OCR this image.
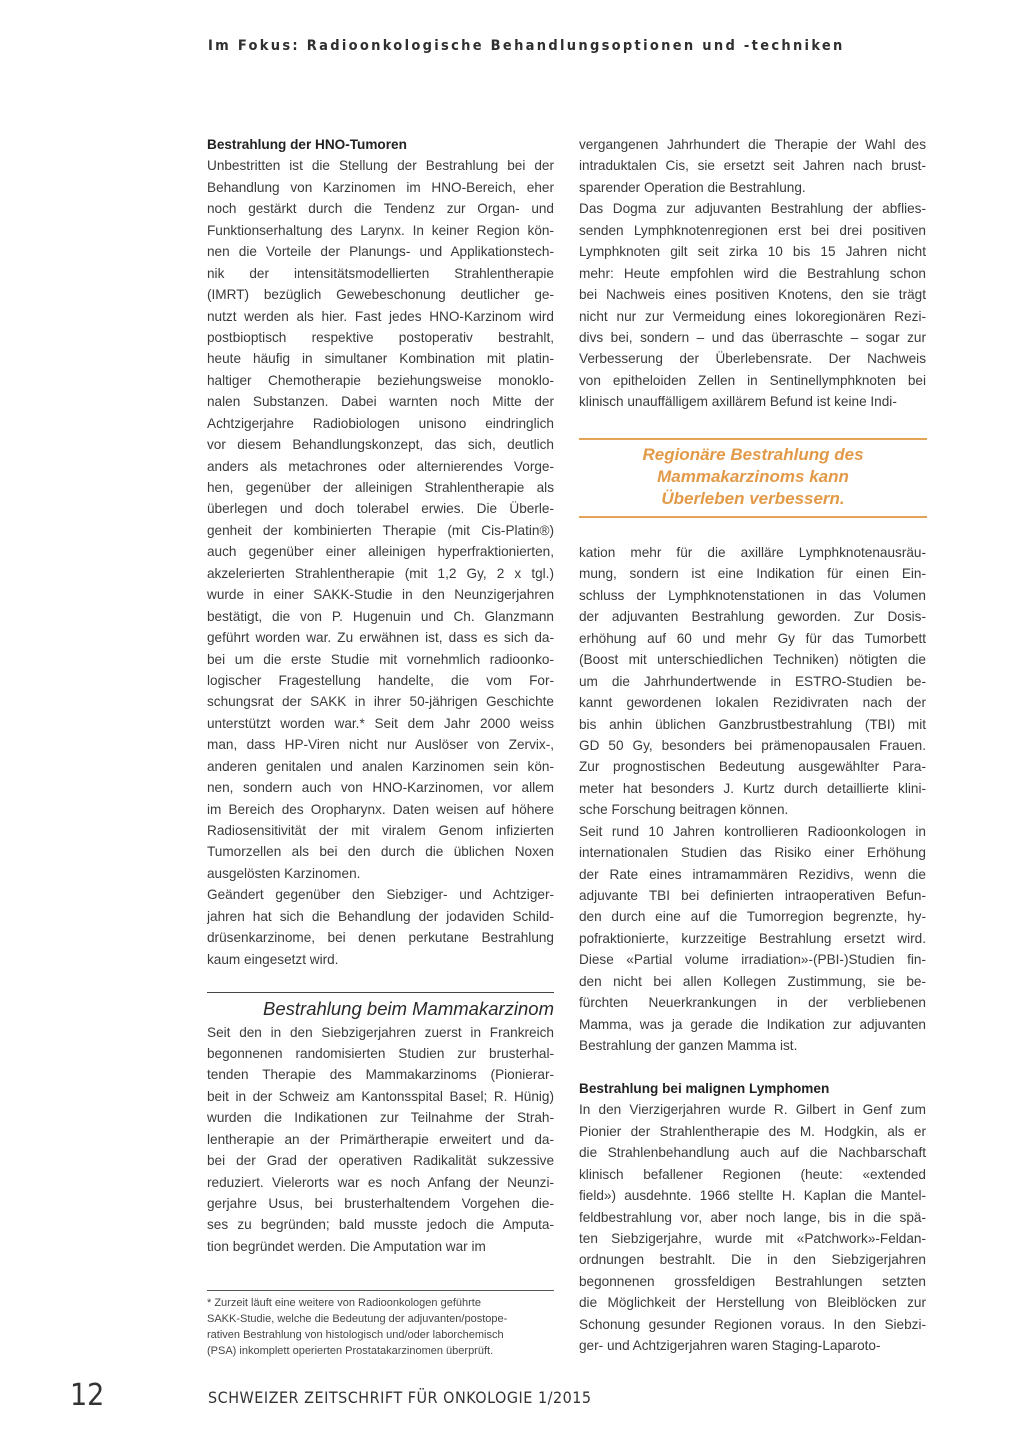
Im Fokus: Radioonkologische Behandlungsoptionen und -techniken
Bestrahlung der HNO-Tumoren
Unbestritten ist die Stellung der Bestrahlung bei der
Behandlung von Karzinomen im HNO-Bereich, eher
noch gestärkt durch die Tendenz zur Organ- und
Funktionserhaltung des Larynx. In keiner Region kön-
nen die Vorteile der Planungs- und Applikationstech-
nik der intensitätsmodellierten Strahlentherapie
(IMRT) bezüglich Gewebeschonung deutlicher ge-
nutzt werden als hier. Fast jedes HNO-Karzinom wird
postbioptisch respektive postoperativ bestrahlt,
heute häufig in simultaner Kombination mit platin-
haltiger Chemotherapie beziehungsweise monoklo-
nalen Substanzen. Dabei warnten noch Mitte der
Achtzigerjahre Radiobiologen unisono eindringlich
vor diesem Behandlungskonzept, das sich, deutlich
anders als metachrones oder alternierendes Vorge-
hen, gegenüber der alleinigen Strahlentherapie als
überlegen und doch tolerabel erwies. Die Überle-
genheit der kombinierten Therapie (mit Cis-Platin®)
auch gegenüber einer alleinigen hyperfraktionierten,
akzelerierten Strahlentherapie (mit 1,2 Gy, 2 x tgl.)
wurde in einer SAKK-Studie in den Neunzigerjahren
bestätigt, die von P. Hugenuin und Ch. Glanzmann
geführt worden war. Zu erwähnen ist, dass es sich da-
bei um die erste Studie mit vornehmlich radioonko-
logischer Fragestellung handelte, die vom For-
schungsrat der SAKK in ihrer 50-jährigen Geschichte
unterstützt worden war.* Seit dem Jahr 2000 weiss
man, dass HP-Viren nicht nur Auslöser von Zervix-,
anderen genitalen und analen Karzinomen sein kön-
nen, sondern auch von HNO-Karzinomen, vor allem
im Bereich des Oropharynx. Daten weisen auf höhere
Radiosensitivität der mit viralem Genom infizierten
Tumorzellen als bei den durch die üblichen Noxen
ausgelösten Karzinomen.
Geändert gegenüber den Siebziger- und Achtziger-
jahren hat sich die Behandlung der jodaviden Schild-
drüsenkarzinome, bei denen perkutane Bestrahlung
kaum eingesetzt wird.
Bestrahlung beim Mammakarzinom
Seit den in den Siebzigerjahren zuerst in Frankreich
begonnenen randomisierten Studien zur brusterhal-
tenden Therapie des Mammakarzinoms (Pionierar-
beit in der Schweiz am Kantonsspital Basel; R. Hünig)
wurden die Indikationen zur Teilnahme der Strah-
lentherapie an der Primärtherapie erweitert und da-
bei der Grad der operativen Radikalität sukzessive
reduziert. Vielerorts war es noch Anfang der Neunzi-
gerjahre Usus, bei brusterhaltendem Vorgehen die-
ses zu begründen; bald musste jedoch die Amputa-
tion begründet werden. Die Amputation war im
vergangenen Jahrhundert die Therapie der Wahl des
intraduktalen Cis, sie ersetzt seit Jahren nach brust-
sparender Operation die Bestrahlung.
Das Dogma zur adjuvanten Bestrahlung der abflies-
senden Lymphknotenregionen erst bei drei positiven
Lymphknoten gilt seit zirka 10 bis 15 Jahren nicht
mehr: Heute empfohlen wird die Bestrahlung schon
bei Nachweis eines positiven Knotens, den sie trägt
nicht nur zur Vermeidung eines lokoregionären Rezi-
divs bei, sondern – und das überraschte – sogar zur
Verbesserung der Überlebensrate. Der Nachweis
von epitheloiden Zellen in Sentinellymphknoten bei
klinisch unauffälligem axillärem Befund ist keine Indi-
Regionäre Bestrahlung des
Mammakarzinoms kann
Überleben verbessern.
kation mehr für die axilläre Lymphknotenausräu-
mung, sondern ist eine Indikation für einen Ein-
schluss der Lymphknotenstationen in das Volumen
der adjuvanten Bestrahlung geworden. Zur Dosis-
erhöhung auf 60 und mehr Gy für das Tumorbett
(Boost mit unterschiedlichen Techniken) nötigten die
um die Jahrhundertwende in ESTRO-Studien be-
kannt gewordenen lokalen Rezidivraten nach der
bis anhin üblichen Ganzbrustbestrahlung (TBI) mit
GD 50 Gy, besonders bei prämenopausalen Frauen.
Zur prognostischen Bedeutung ausgewählter Para-
meter hat besonders J. Kurtz durch detaillierte klini-
sche Forschung beitragen können.
Seit rund 10 Jahren kontrollieren Radioonkologen in
internationalen Studien das Risiko einer Erhöhung
der Rate eines intramammären Rezidivs, wenn die
adjuvante TBI bei definierten intraoperativen Befun-
den durch eine auf die Tumorregion begrenzte, hy-
pofraktionierte, kurzzeitige Bestrahlung ersetzt wird.
Diese «Partial volume irradiation»-(PBI-)Studien fin-
den nicht bei allen Kollegen Zustimmung, sie be-
fürchten Neuerkrankungen in der verbliebenen
Mamma, was ja gerade die Indikation zur adjuvanten
Bestrahlung der ganzen Mamma ist.
Bestrahlung bei malignen Lymphomen
In den Vierzigerjahren wurde R. Gilbert in Genf zum
Pionier der Strahlentherapie des M. Hodgkin, als er
die Strahlenbehandlung auch auf die Nachbarschaft
klinisch befallener Regionen (heute: «extended
field») ausdehnte. 1966 stellte H. Kaplan die Mantel-
feldbestrahlung vor, aber noch lange, bis in die spä-
ten Siebzigerjahre, wurde mit «Patchwork»-Feldan-
ordnungen bestrahlt. Die in den Siebzigerjahren
begonnenen grossfeldigen Bestrahlungen setzten
die Möglichkeit der Herstellung von Bleiblöcken zur
Schonung gesunder Regionen voraus. In den Siebzi-
ger- und Achtzigerjahren waren Staging-Laparoto-
* Zurzeit läuft eine weitere von Radioonkologen geführte
SAKK-Studie, welche die Bedeutung der adjuvanten/postope-
rativen Bestrahlung von histologisch und/oder laborchemisch
(PSA) inkomplett operierten Prostatakarzinomen überprüft.
12	SCHWEIZER ZEITSCHRIFT FÜR ONKOLOGIE 1/2015
